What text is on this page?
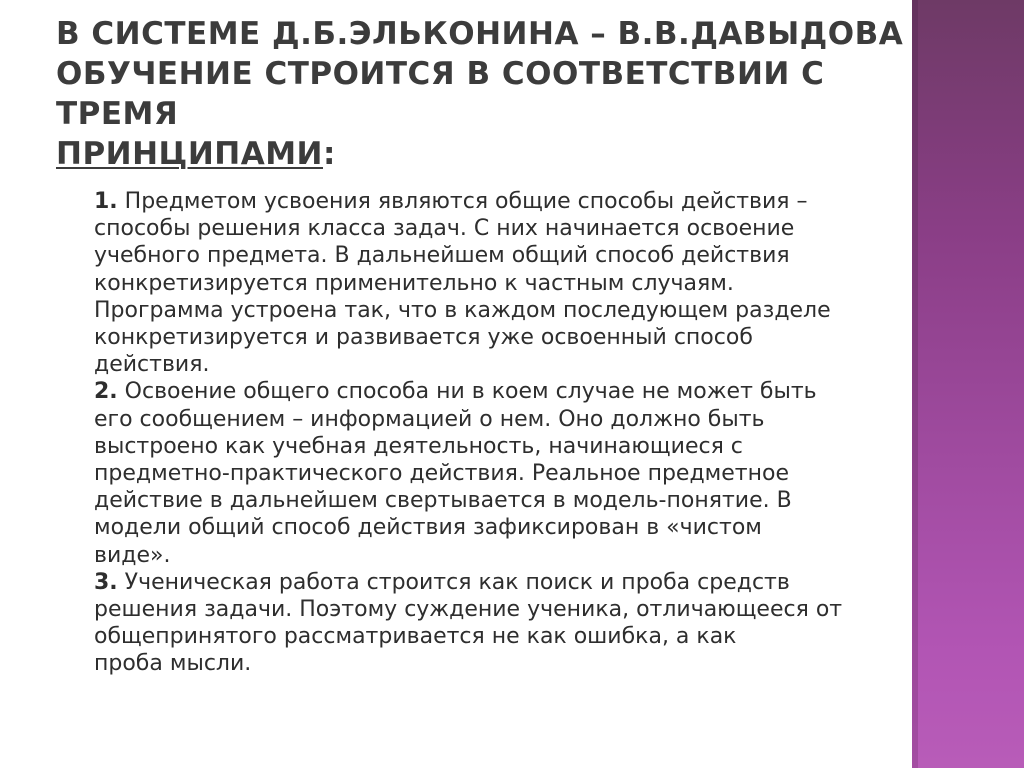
В СИСТЕМЕ Д.Б.ЭЛЬКОНИНА – В.В.ДАВЫДОВА
ОБУЧЕНИЕ СТРОИТСЯ В СООТВЕТСТВИИ С ТРЕМЯ
ПРИНЦИПАМИ:
1. Предметом усвоения являются общие способы действия –
способы решения класса задач. С них начинается освоение
учебного предмета. В дальнейшем общий способ действия
конкретизируется применительно к частным случаям.
Программа устроена так, что в каждом последующем разделе
конкретизируется и развивается уже освоенный способ
действия.
2. Освоение общего способа ни в коем случае не может быть
его сообщением – информацией о нем. Оно должно быть
выстроено как учебная деятельность, начинающиеся с
предметно-практического действия. Реальное предметное
действие в дальнейшем свертывается в модель-понятие. В
модели общий способ действия зафиксирован в «чистом
виде».
3. Ученическая работа строится как поиск и проба средств
решения задачи. Поэтому суждение ученика, отличающееся от
общепринятого рассматривается не как ошибка, а как
проба мысли.
